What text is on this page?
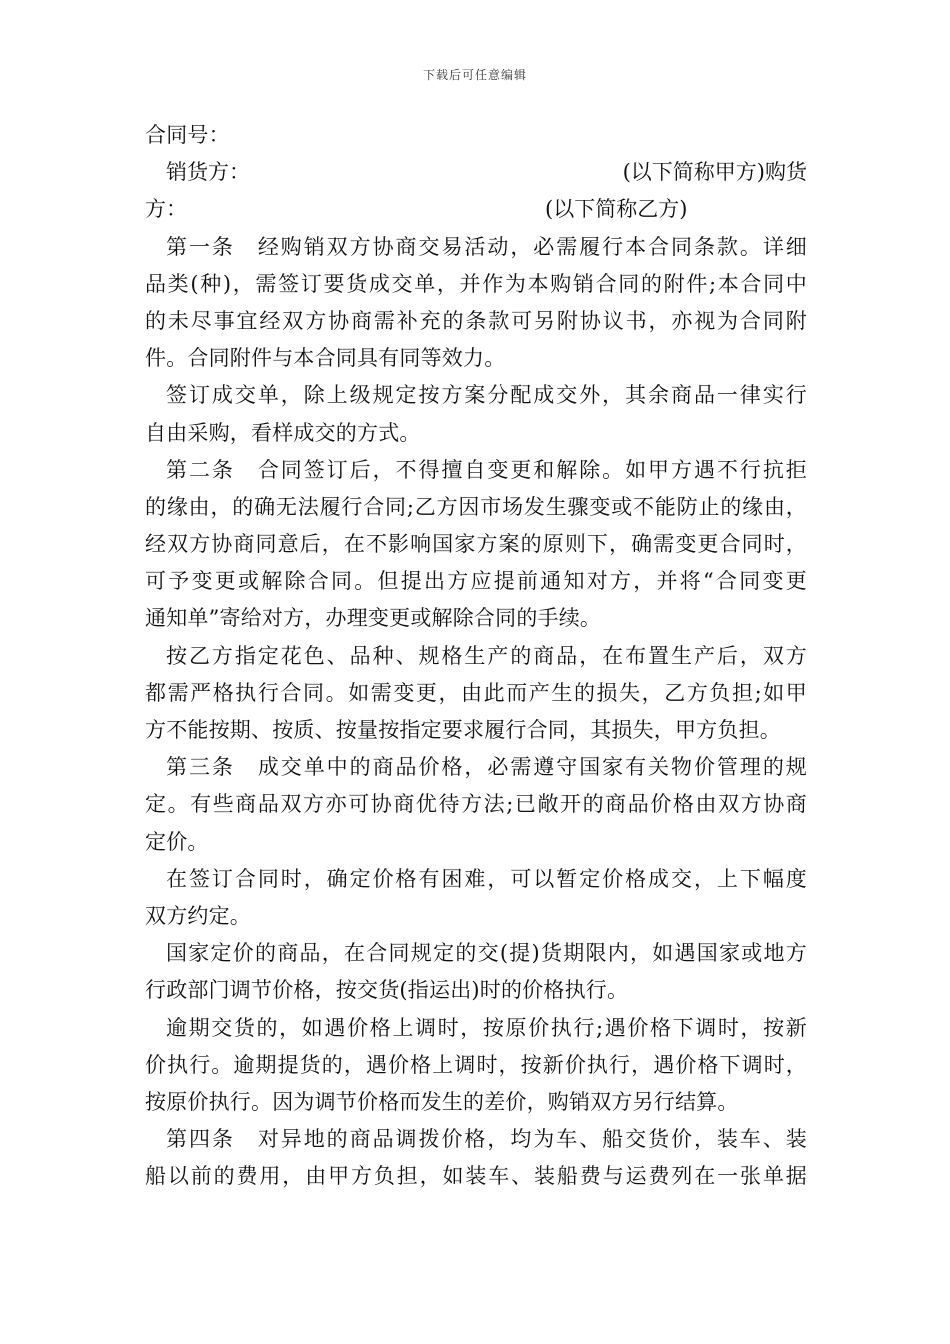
下载后可任意编辑
合同号：
销货方：	(以下简称甲方)购货
方：	(以下简称乙方)
第一条　经购销双方协商交易活动，必需履行本合同条款。详细
品类(种)，需签订要货成交单，并作为本购销合同的附件;本合同中
的未尽事宜经双方协商需补充的条款可另附协议书，亦视为合同附
件。合同附件与本合同具有同等效力。
签订成交单，除上级规定按方案分配成交外，其余商品一律实行
自由采购，看样成交的方式。
第二条　合同签订后，不得擅自变更和解除。如甲方遇不行抗拒
的缘由，的确无法履行合同;乙方因市场发生骤变或不能防止的缘由，
经双方协商同意后，在不影响国家方案的原则下，确需变更合同时，
可予变更或解除合同。但提出方应提前通知对方，并将“合同变更
通知单”寄给对方，办理变更或解除合同的手续。
按乙方指定花色、品种、规格生产的商品，在布置生产后，双方
都需严格执行合同。如需变更，由此而产生的损失，乙方负担;如甲
方不能按期、按质、按量按指定要求履行合同，其损失，甲方负担。
第三条　成交单中的商品价格，必需遵守国家有关物价管理的规
定。有些商品双方亦可协商优待方法;已敞开的商品价格由双方协商
定价。
在签订合同时，确定价格有困难，可以暂定价格成交，上下幅度
双方约定。
国家定价的商品，在合同规定的交(提)货期限内，如遇国家或地方
行政部门调节价格，按交货(指运出)时的价格执行。
逾期交货的，如遇价格上调时，按原价执行;遇价格下调时，按新
价执行。逾期提货的，遇价格上调时，按新价执行，遇价格下调时，
按原价执行。因为调节价格而发生的差价，购销双方另行结算。
第四条　对异地的商品调拨价格，均为车、船交货价，装车、装
船以前的费用，由甲方负担，如装车、装船费与运费列在一张单据
